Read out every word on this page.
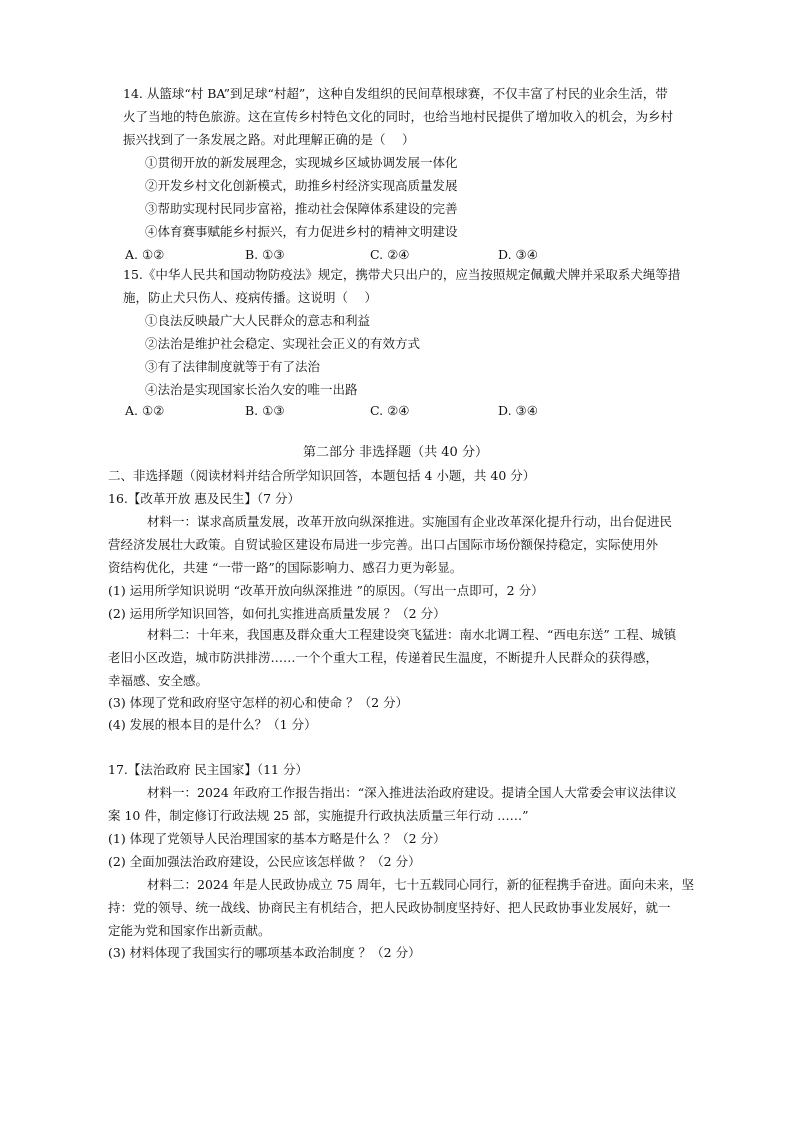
14. 从篮球“村 BA”到足球“村超”，这种自发组织的民间草根球赛，不仅丰富了村民的业余生活，带
火了当地的特色旅游。这在宣传乡村特色文化的同时，也给当地村民提供了增加收入的机会，为乡村
振兴找到了一条发展之路。对此理解正确的是（　 ）
①贯彻开放的新发展理念，实现城乡区域协调发展一体化
②开发乡村文化创新模式，助推乡村经济实现高质量发展
③帮助实现村民同步富裕，推动社会保障体系建设的完善
④体育赛事赋能乡村振兴，有力促进乡村的精神文明建设
A. ①②	B. ①③	C. ②④	D. ③④
15.《中华人民共和国动物防疫法》规定，携带犬只出户的，应当按照规定佩戴犬牌并采取系犬绳等措
施，防止犬只伤人、疫病传播。这说明（　 ）
①良法反映最广大人民群众的意志和利益
②法治是维护社会稳定、实现社会正义的有效方式
③有了法律制度就等于有了法治
④法治是实现国家长治久安的唯一出路
A. ①②	B. ①③	C. ②④	D. ③④
第二部分 非选择题（共 40 分）
二、非选择题（阅读材料并结合所学知识回答，本题包括 4 小题，共 40 分）
16.【改革开放 惠及民生】（7 分）
材料一：谋求高质量发展，改革开放向纵深推进。实施国有企业改革深化提升行动，出台促进民
营经济发展壮大政策。自贸试验区建设布局进一步完善。出口占国际市场份额保持稳定，实际使用外
资结构优化，共建 “一带一路”的国际影响力、感召力更为彰显。
(1) 运用所学知识说明 “改革开放向纵深推进 ”的原因。（写出一点即可，2 分）
(2) 运用所学知识回答，如何扎实推进高质量发展 ？（2 分）
材料二：十年来，我国惠及群众重大工程建设突飞猛进：南水北调工程、“西电东送” 工程、城镇
老旧小区改造，城市防洪排涝……一个个重大工程，传递着民生温度，不断提升人民群众的获得感，
幸福感、安全感。
(3) 体现了党和政府坚守怎样的初心和使命 ？（2 分）
(4) 发展的根本目的是什么？（1 分）
17.【法治政府 民主国家】（11 分）
材料一：2024 年政府工作报告指出：“深入推进法治政府建设。提请全国人大常委会审议法律议
案 10 件，制定修订行政法规 25 部，实施提升行政执法质量三年行动 ……”
(1) 体现了党领导人民治理国家的基本方略是什么 ？（2 分）
(2) 全面加强法治政府建设，公民应该怎样做 ？（2 分）
材料二：2024 年是人民政协成立 75 周年，七十五载同心同行，新的征程携手奋进。面向未来，坚
持：党的领导、统一战线、协商民主有机结合，把人民政协制度坚持好、把人民政协事业发展好，就一
定能为党和国家作出新贡献。
(3) 材料体现了我国实行的哪项基本政治制度 ？（2 分）
